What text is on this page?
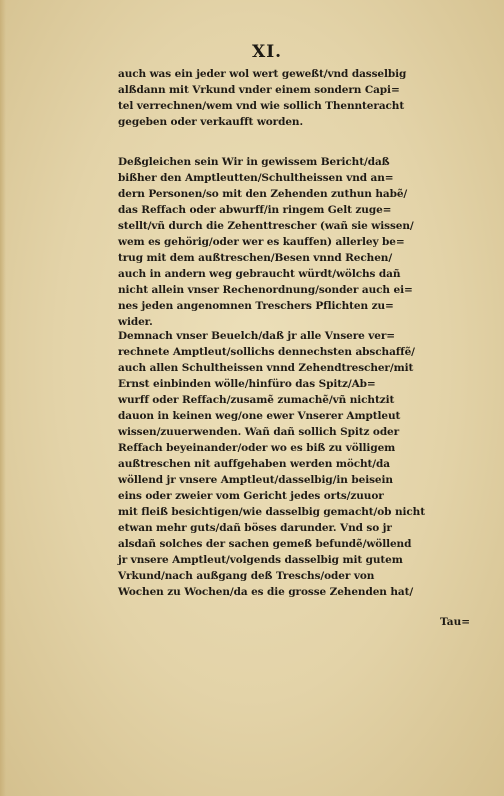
XI.

auch was ein jeder wol wert geweßt/vnd dasselbig

alßdann mit Vrkund vnder einem sondern Capi=

tel verrechnen/wem vnd wie sollich Thennteracht

gegeben oder verkaufft worden.

Deßgleichen sein Wir in gewissem Bericht/daß

bißher den Amptleutten/Schultheissen vnd an=

dern Personen/so mit den Zehenden zuthun habẽ/

das Reffach oder abwurff/in ringem Gelt zuge=

stellt/vñ durch die Zehenttrescher (wañ sie wissen/

wem es gehörig/oder wer es kauffen) allerley be=

trug mit dem außtreschen/Besen vnnd Rechen/

auch in andern weg gebraucht würdt/wölchs dañ

nicht allein vnser Rechenordnung/sonder auch ei=

nes jeden angenomnen Treschers Pflichten zu=

wider.

Demnach vnser Beuelch/daß jr alle Vnsere ver=

rechnete Amptleut/sollichs dennechsten abschaffẽ/

auch allen Schultheissen vnnd Zehendtrescher/mit

Ernst einbinden wölle/hinfüro das Spitz/Ab=

wurff oder Reffach/zusamẽ zumachẽ/vñ nichtzit

dauon in keinen weg/one ewer Vnserer Amptleut

wissen/zuuerwenden. Wañ dañ sollich Spitz oder

Reffach beyeinander/oder wo es biß zu völligem

außtreschen nit auffgehaben werden möcht/da

wöllend jr vnsere Amptleut/dasselbig/in beisein

eins oder zweier vom Gericht jedes orts/zuuor

mit fleiß besichtigen/wie dasselbig gemacht/ob nicht

etwan mehr guts/dañ böses darunder. Vnd so jr

alsdañ solches der sachen gemeß befundẽ/wöllend

jr vnsere Amptleut/volgends dasselbig mit gutem

Vrkund/nach außgang deß Treschs/oder von

Wochen zu Wochen/da es die grosse Zehenden hat/

Tau=
